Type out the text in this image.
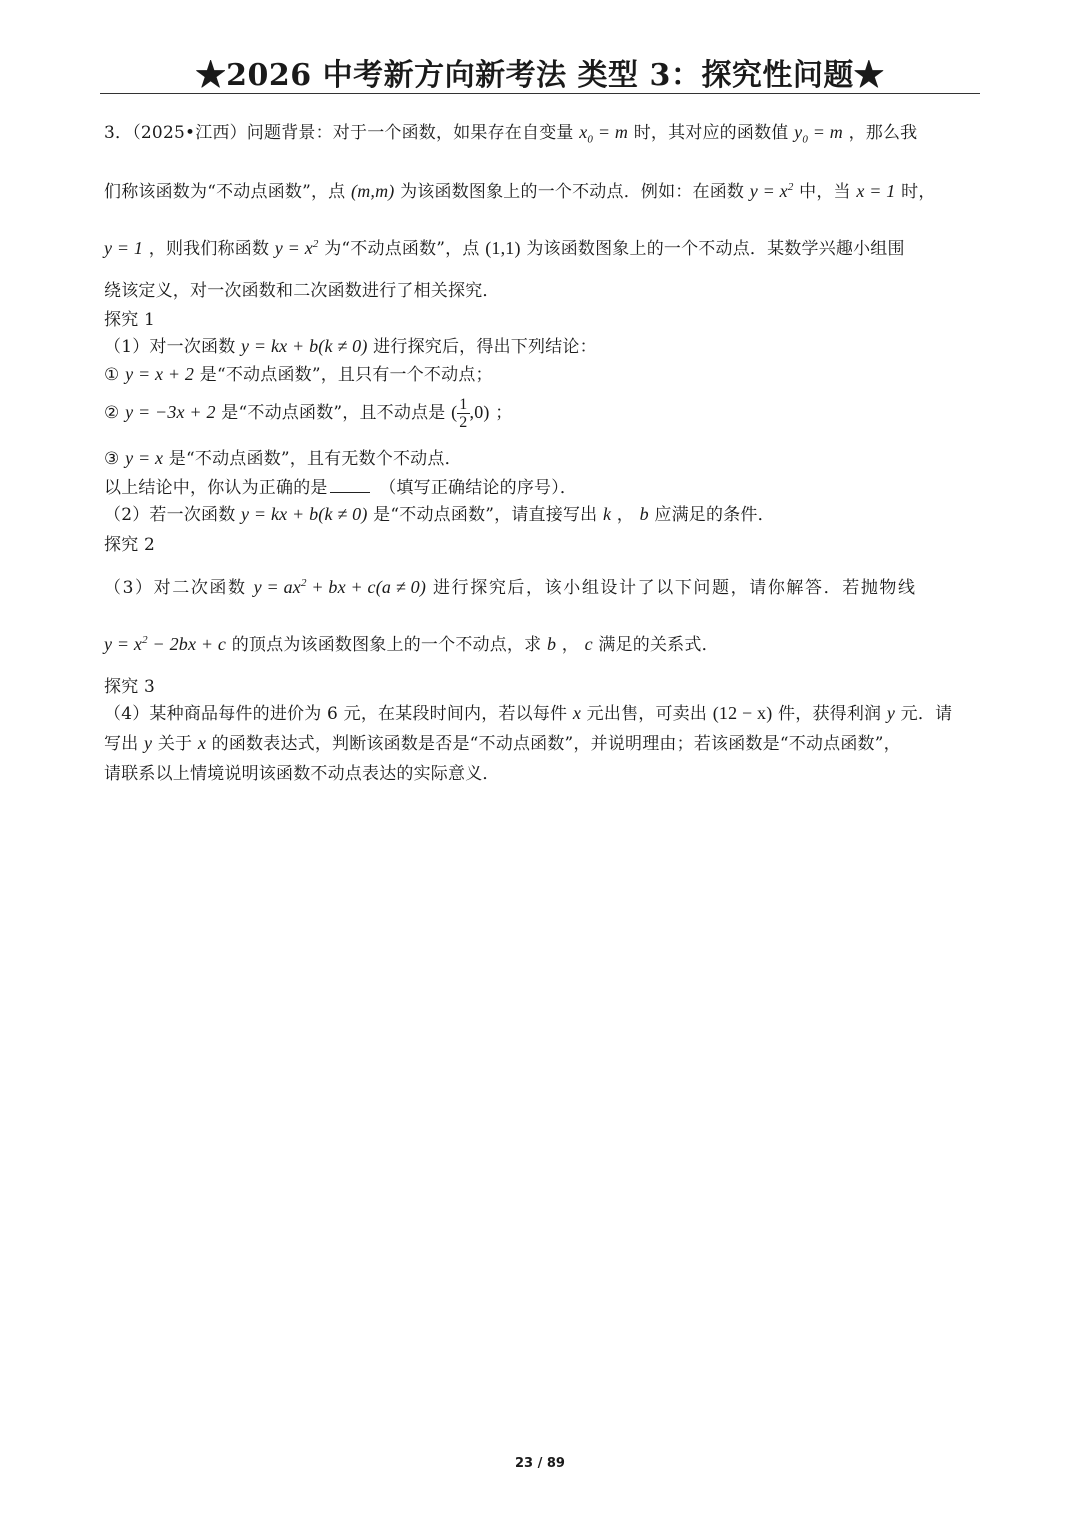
★2026 中考新方向新考法 类型 3：探究性问题★
3．（2025•江西）问题背景：对于一个函数，如果存在自变量 $x_0 = m$ 时，其对应的函数值 $y_0 = m$ ，那么我
们称该函数为“不动点函数”，点 (m,m) 为该函数图象上的一个不动点．例如：在函数 $y = x^2$ 中，当 x = 1 时，
y = 1 ，则我们称函数 $y = x^2$ 为“不动点函数”，点 (1,1) 为该函数图象上的一个不动点．某数学兴趣小组围
绕该定义，对一次函数和二次函数进行了相关探究．
探究 1
（1）对一次函数 y = kx + b(k ≠ 0) 进行探究后，得出下列结论：
① y = x + 2 是“不动点函数”，且只有一个不动点；
② y = −3x + 2 是“不动点函数”，且不动点是 ( $\frac{1}{2} ,0$) ；
③ y = x 是“不动点函数”，且有无数个不动点．
以上结论中，你认为正确的是	（填写正确结论的序号）．
（2）若一次函数 y = kx + b(k ≠ 0) 是“不动点函数”，请直接写出 k ， b 应满足的条件．
探究 2
（3）对二次函数 $y = ax^2$ + bx + c(a ≠ 0) 进行探究后，该小组设计了以下问题，请你解答．若抛物线
$y = x^2 - 2bx + c$ 的顶点为该函数图象上的一个不动点，求 b ， c 满足的关系式．
探究 3
（4）某种商品每件的进价为 6 元，在某段时间内，若以每件 x 元出售，可卖出 (12 − x) 件，获得利润 y 元．请
写出 y 关于 x 的函数表达式，判断该函数是否是“不动点函数”，并说明理由；若该函数是“不动点函数”，
请联系以上情境说明该函数不动点表达的实际意义．
23 / 89
